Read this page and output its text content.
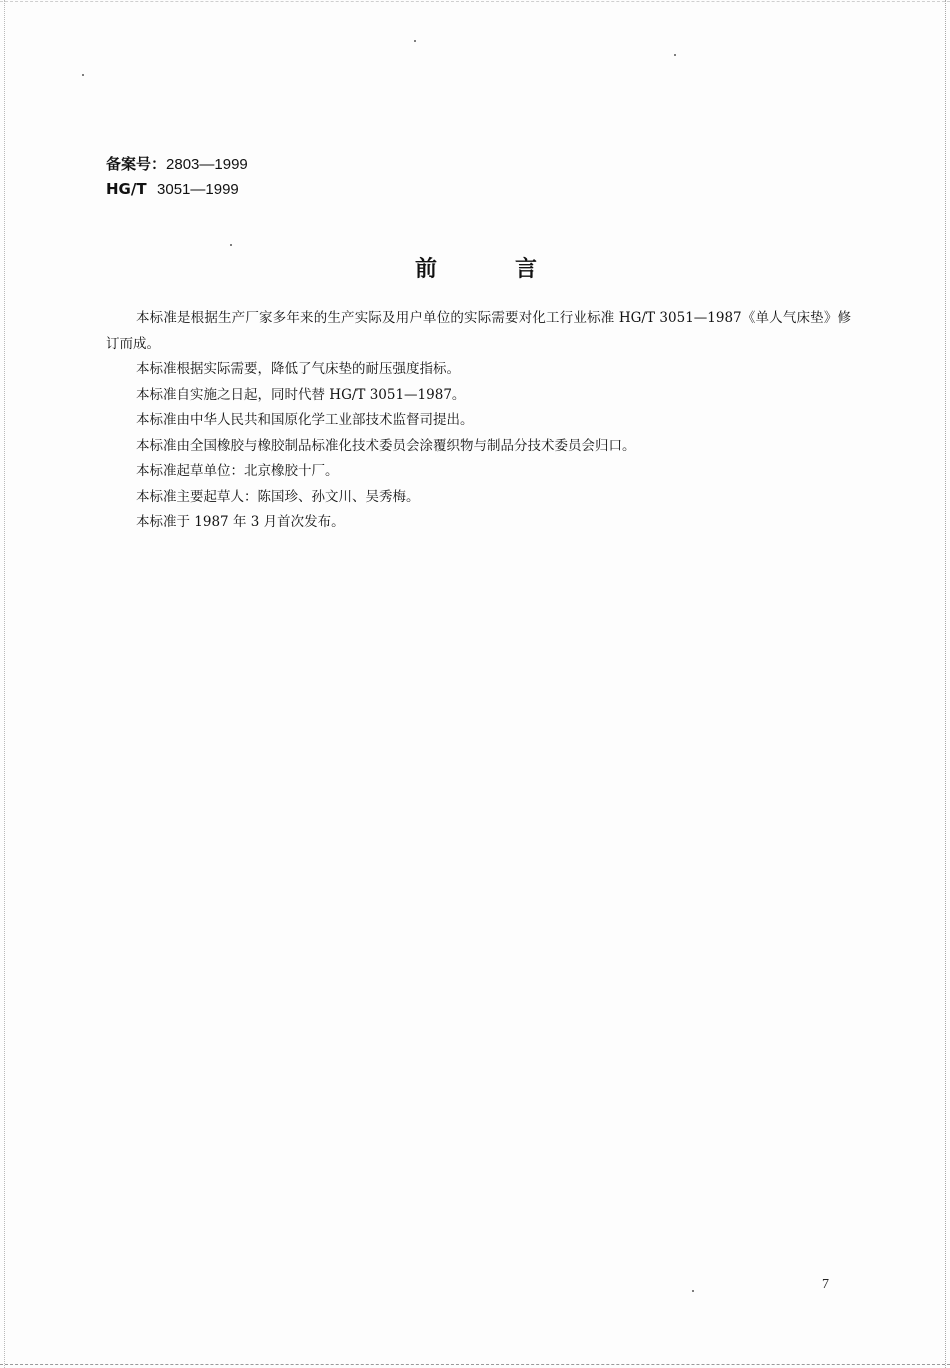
备案号：2803—1999
HG/T 3051—1999
前言

本标准是根据生产厂家多年来的生产实际及用户单位的实际需要对化工行业标准 HG/T 3051—1987《单人气床垫》修订而成。

本标准根据实际需要，降低了气床垫的耐压强度指标。

本标准自实施之日起，同时代替 HG/T 3051—1987。

本标准由中华人民共和国原化学工业部技术监督司提出。

本标准由全国橡胶与橡胶制品标准化技术委员会涂覆织物与制品分技术委员会归口。

本标准起草单位：北京橡胶十厂。

本标准主要起草人：陈国珍、孙文川、吴秀梅。

本标准于 1987 年 3 月首次发布。

7
